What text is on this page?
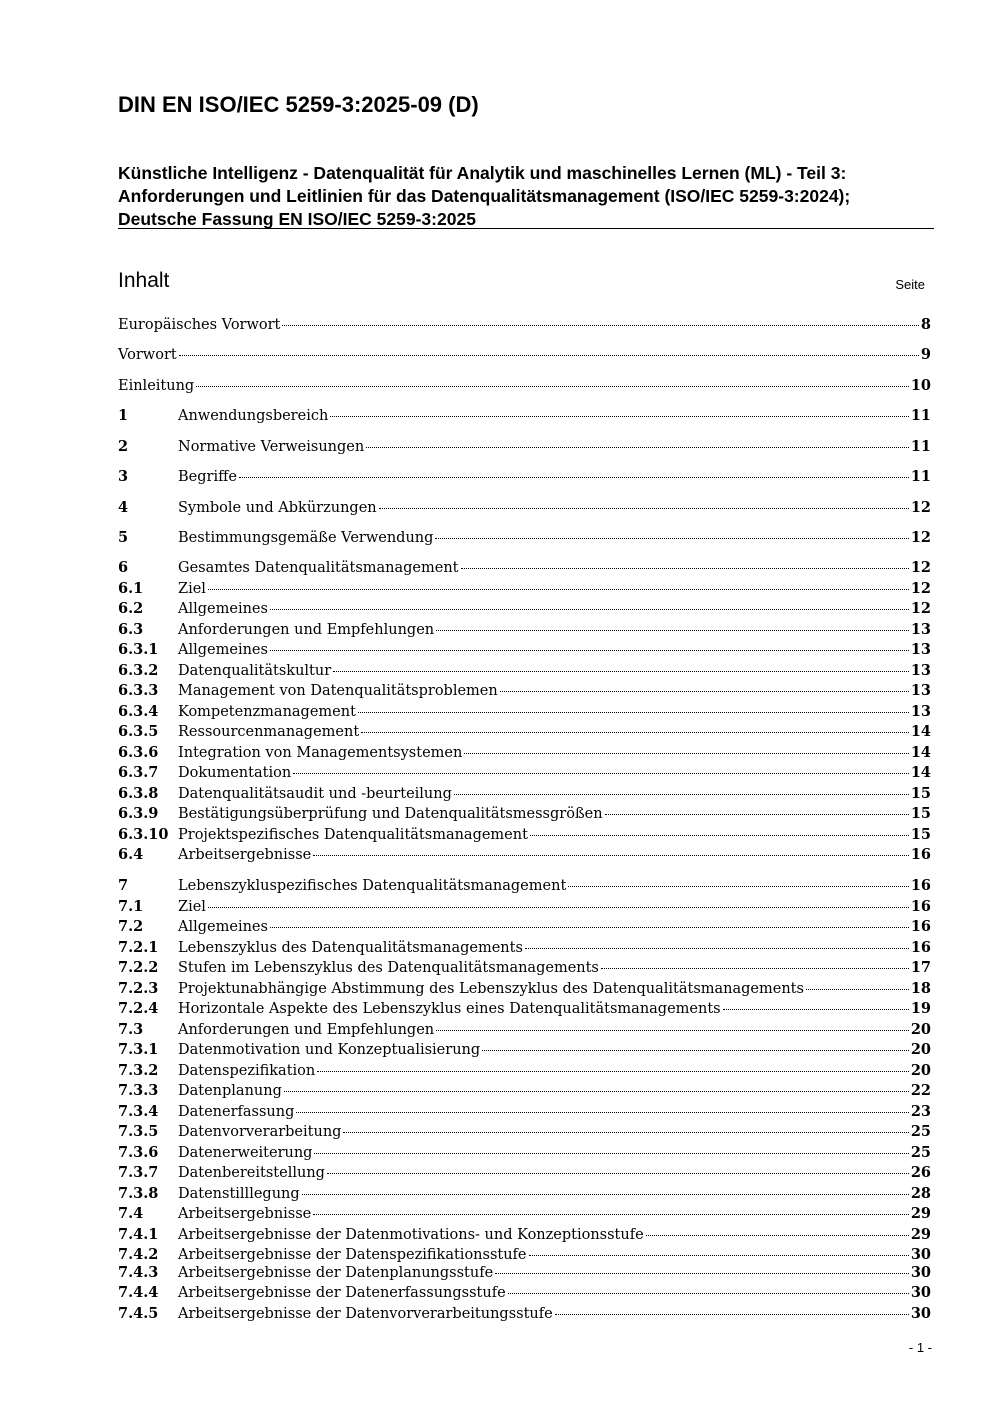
DIN EN ISO/IEC 5259-3:2025-09 (D)
Künstliche Intelligenz - Datenqualität für Analytik und maschinelles Lernen (ML) - Teil 3: Anforderungen und Leitlinien für das Datenqualitätsmanagement (ISO/IEC 5259-3:2024); Deutsche Fassung EN ISO/IEC 5259-3:2025
Inhalt	Seite
Europäisches Vorwort	8
Vorwort	9
Einleitung	10
1	Anwendungsbereich	11
2	Normative Verweisungen	11
3	Begriffe	11
4	Symbole und Abkürzungen	12
5	Bestimmungsgemäße Verwendung	12
6	Gesamtes Datenqualitätsmanagement	12
6.1	Ziel	12
6.2	Allgemeines	12
6.3	Anforderungen und Empfehlungen	13
6.3.1	Allgemeines	13
6.3.2	Datenqualitätskultur	13
6.3.3	Management von Datenqualitätsproblemen	13
6.3.4	Kompetenzmanagement	13
6.3.5	Ressourcenmanagement	14
6.3.6	Integration von Managementsystemen	14
6.3.7	Dokumentation	14
6.3.8	Datenqualitätsaudit und -beurteilung	15
6.3.9	Bestätigungsüberprüfung und Datenqualitätsmessgrößen	15
6.3.10 Projektspezifisches Datenqualitätsmanagement	15
6.4	Arbeitsergebnisse	16
7	Lebenszykluspezifisches Datenqualitätsmanagement	16
7.1	Ziel	16
7.2	Allgemeines	16
7.2.1	Lebenszyklus des Datenqualitätsmanagements	16
7.2.2	Stufen im Lebenszyklus des Datenqualitätsmanagements	17
7.2.3	Projektunabhängige Abstimmung des Lebenszyklus des Datenqualitätsmanagements	18
7.2.4	Horizontale Aspekte des Lebenszyklus eines Datenqualitätsmanagements	19
7.3	Anforderungen und Empfehlungen	20
7.3.1	Datenmotivation und Konzeptualisierung	20
7.3.2	Datenspezifikation	20
7.3.3	Datenplanung	22
7.3.4	Datenerfassung	23
7.3.5	Datenvorverarbeitung	25
7.3.6	Datenerweiterung	25
7.3.7	Datenbereitstellung	26
7.3.8	Datenstilllegung	28
7.4	Arbeitsergebnisse	29
7.4.1	Arbeitsergebnisse der Datenmotivations- und Konzeptionsstufe	29
7.4.2	Arbeitsergebnisse der Datenspezifikationsstufe	30
7.4.3	Arbeitsergebnisse der Datenplanungsstufe	30
7.4.4	Arbeitsergebnisse der Datenerfassungsstufe	30
7.4.5	Arbeitsergebnisse der Datenvorverarbeitungsstufe	30
- 1 -
